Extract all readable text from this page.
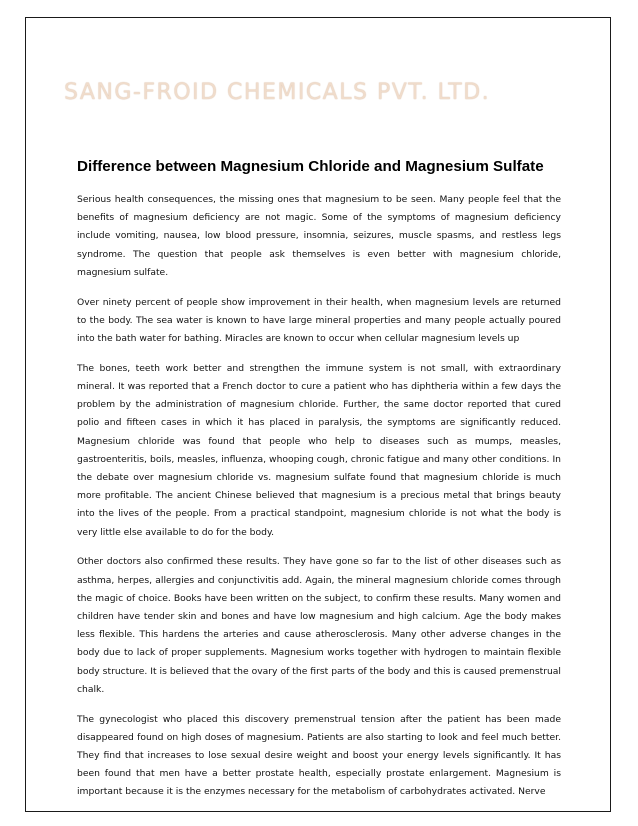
SANG-FROID CHEMICALS PVT. LTD.
Difference between Magnesium Chloride and Magnesium Sulfate

Serious health consequences, the missing ones that magnesium to be seen. Many people feel that the benefits of magnesium deficiency are not magic. Some of the symptoms of magnesium deficiency include vomiting, nausea, low blood pressure, insomnia, seizures, muscle spasms, and restless legs syndrome. The question that people ask themselves is even better with magnesium chloride, magnesium sulfate.

Over ninety percent of people show improvement in their health, when magnesium levels are returned to the body. The sea water is known to have large mineral properties and many people actually poured into the bath water for bathing. Miracles are known to occur when cellular magnesium levels up

The bones, teeth work better and strengthen the immune system is not small, with extraordinary mineral. It was reported that a French doctor to cure a patient who has diphtheria within a few days the problem by the administration of magnesium chloride. Further, the same doctor reported that cured polio and fifteen cases in which it has placed in paralysis, the symptoms are significantly reduced. Magnesium chloride was found that people who help to diseases such as mumps, measles, gastroenteritis, boils, measles, influenza, whooping cough, chronic fatigue and many other conditions. In the debate over magnesium chloride vs. magnesium sulfate found that magnesium chloride is much more profitable. The ancient Chinese believed that magnesium is a precious metal that brings beauty into the lives of the people. From a practical standpoint, magnesium chloride is not what the body is very little else available to do for the body.

Other doctors also confirmed these results. They have gone so far to the list of other diseases such as asthma, herpes, allergies and conjunctivitis add. Again, the mineral magnesium chloride comes through the magic of choice. Books have been written on the subject, to confirm these results. Many women and children have tender skin and bones and have low magnesium and high calcium. Age the body makes less flexible. This hardens the arteries and cause atherosclerosis. Many other adverse changes in the body due to lack of proper supplements. Magnesium works together with hydrogen to maintain flexible body structure. It is believed that the ovary of the first parts of the body and this is caused premenstrual chalk.

The gynecologist who placed this discovery premenstrual tension after the patient has been made disappeared found on high doses of magnesium. Patients are also starting to look and feel much better. They find that increases to lose sexual desire weight and boost your energy levels significantly. It has been found that men have a better prostate health, especially prostate enlargement. Magnesium is important because it is the enzymes necessary for the metabolism of carbohydrates activated. Nerve
